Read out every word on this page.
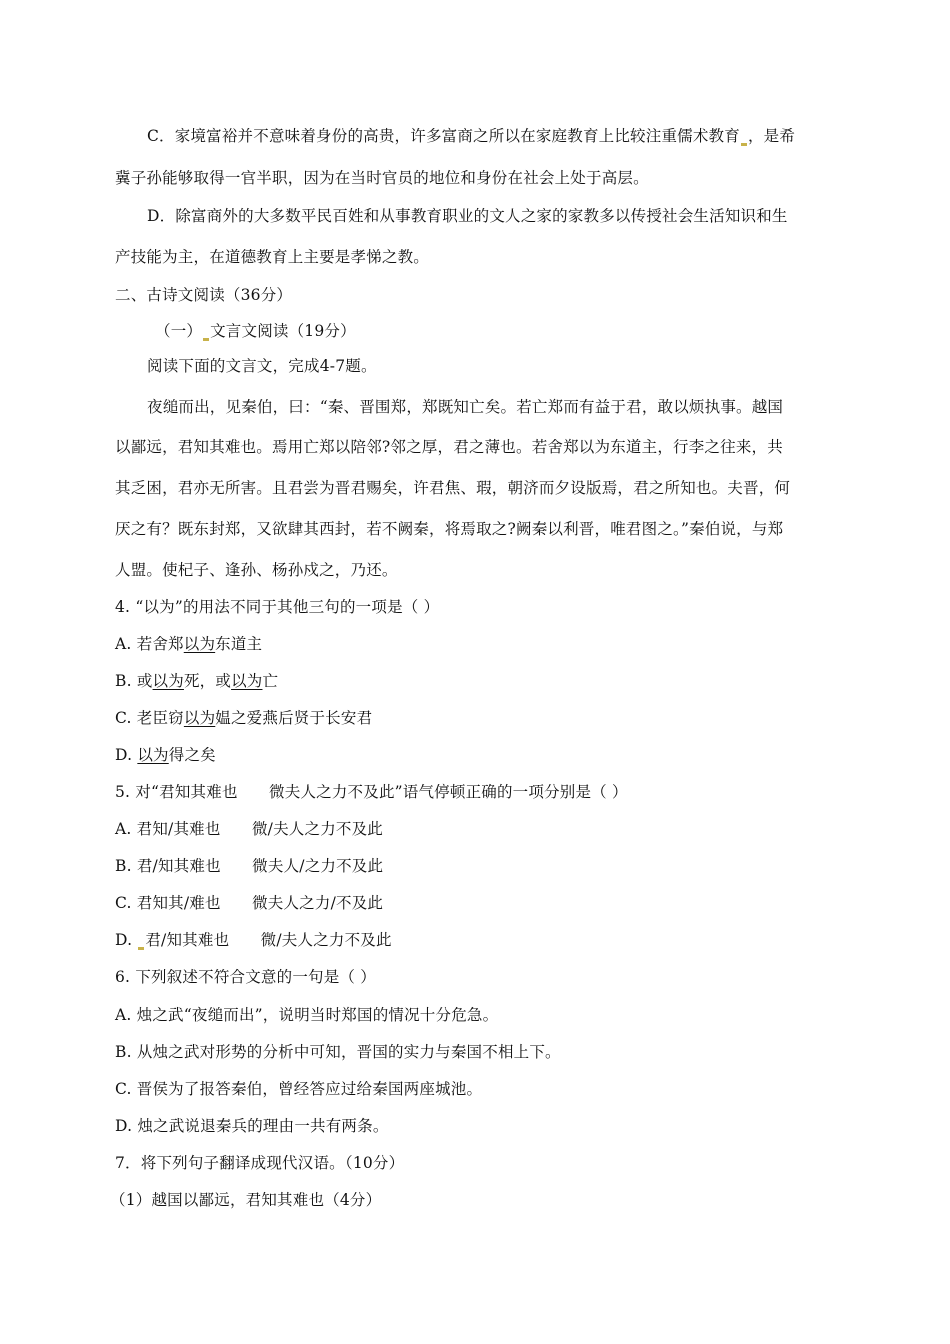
C．家境富裕并不意味着身份的高贵，许多富商之所以在家庭教育上比较注重儒术教育 ，是希
冀子孙能够取得一官半职，因为在当时官员的地位和身份在社会上处于高层。
D．除富商外的大多数平民百姓和从事教育职业的文人之家的家教多以传授社会生活知识和生
产技能为主，在道德教育上主要是孝悌之教。
二、古诗文阅读（36分）
（一） 文言文阅读（19分）
阅读下面的文言文，完成4-7题。
夜缒而出，见秦伯，曰：“秦、晋围郑，郑既知亡矣。若亡郑而有益于君，敢以烦执事。越国
以鄙远，君知其难也。焉用亡郑以陪邻?邻之厚，君之薄也。若舍郑以为东道主，行李之往来，共
其乏困，君亦无所害。且君尝为晋君赐矣，许君焦、瑕，朝济而夕设版焉，君之所知也。夫晋，何
厌之有？既东封郑，又欲肆其西封，若不阙秦，将焉取之?阙秦以利晋，唯君图之。”秦伯说，与郑
人盟。使杞子、逢孙、杨孙戍之，乃还。
4. “以为”的用法不同于其他三句的一项是（ ）
A. 若舍郑以为东道主
B. 或以为死，或以为亡
C. 老臣窃以为媪之爱燕后贤于长安君
D. 以为得之矣
5. 对“君知其难也　　微夫人之力不及此”语气停顿正确的一项分别是（ ）
A. 君知/其难也　　微/夫人之力不及此
B. 君/知其难也　　微夫人/之力不及此
C. 君知其/难也　　微夫人之力/不及此
D. 君/知其难也　　微/夫人之力不及此
6. 下列叙述不符合文意的一句是（ ）
A. 烛之武“夜缒而出”，说明当时郑国的情况十分危急。
B. 从烛之武对形势的分析中可知，晋国的实力与秦国不相上下。
C. 晋侯为了报答秦伯，曾经答应过给秦国两座城池。
D. 烛之武说退秦兵的理由一共有两条。
7．将下列句子翻译成现代汉语。（10分）
（1）越国以鄙远，君知其难也（4分）
